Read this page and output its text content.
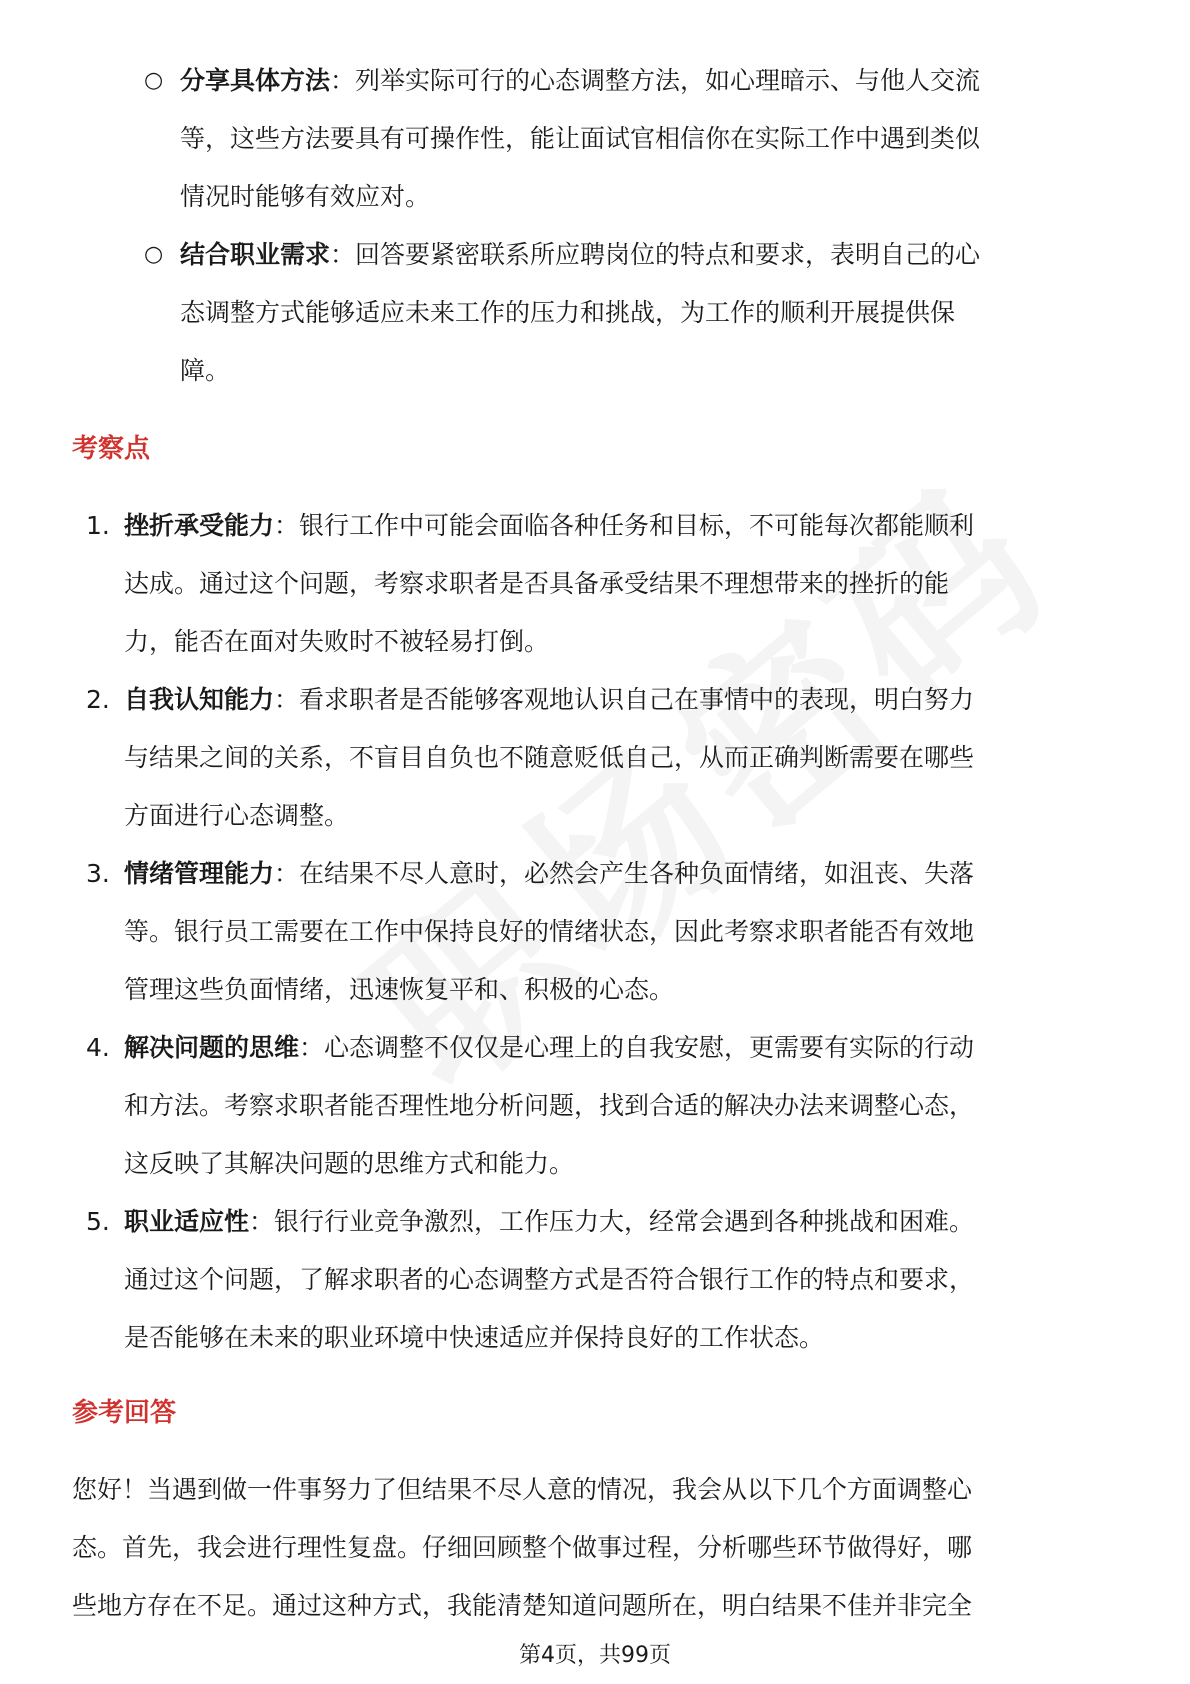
○ 分享具体方法：列举实际可行的心态调整方法，如心理暗示、与他人交流
等，这些方法要具有可操作性，能让面试官相信你在实际工作中遇到类似
情况时能够有效应对。
○ 结合职业需求：回答要紧密联系所应聘岗位的特点和要求，表明自己的心
态调整方式能够适应未来工作的压力和挑战，为工作的顺利开展提供保
障。
考察点
1. 挫折承受能力：银行工作中可能会面临各种任务和目标，不可能每次都能顺利
达成。通过这个问题，考察求职者是否具备承受结果不理想带来的挫折的能
力，能否在面对失败时不被轻易打倒。
2. 自我认知能力：看求职者是否能够客观地认识自己在事情中的表现，明白努力
与结果之间的关系，不盲目自负也不随意贬低自己，从而正确判断需要在哪些
方面进行心态调整。
3. 情绪管理能力：在结果不尽人意时，必然会产生各种负面情绪，如沮丧、失落
等。银行员工需要在工作中保持良好的情绪状态，因此考察求职者能否有效地
管理这些负面情绪，迅速恢复平和、积极的心态。
4. 解决问题的思维：心态调整不仅仅是心理上的自我安慰，更需要有实际的行动
和方法。考察求职者能否理性地分析问题，找到合适的解决办法来调整心态，
这反映了其解决问题的思维方式和能力。
5. 职业适应性：银行行业竞争激烈，工作压力大，经常会遇到各种挑战和困难。
通过这个问题，了解求职者的心态调整方式是否符合银行工作的特点和要求，
是否能够在未来的职业环境中快速适应并保持良好的工作状态。
参考回答
您好！当遇到做一件事努力了但结果不尽人意的情况，我会从以下几个方面调整心
态。首先，我会进行理性复盘。仔细回顾整个做事过程，分析哪些环节做得好，哪
些地方存在不足。通过这种方式，我能清楚知道问题所在，明白结果不佳并非完全
第4页，共99页
